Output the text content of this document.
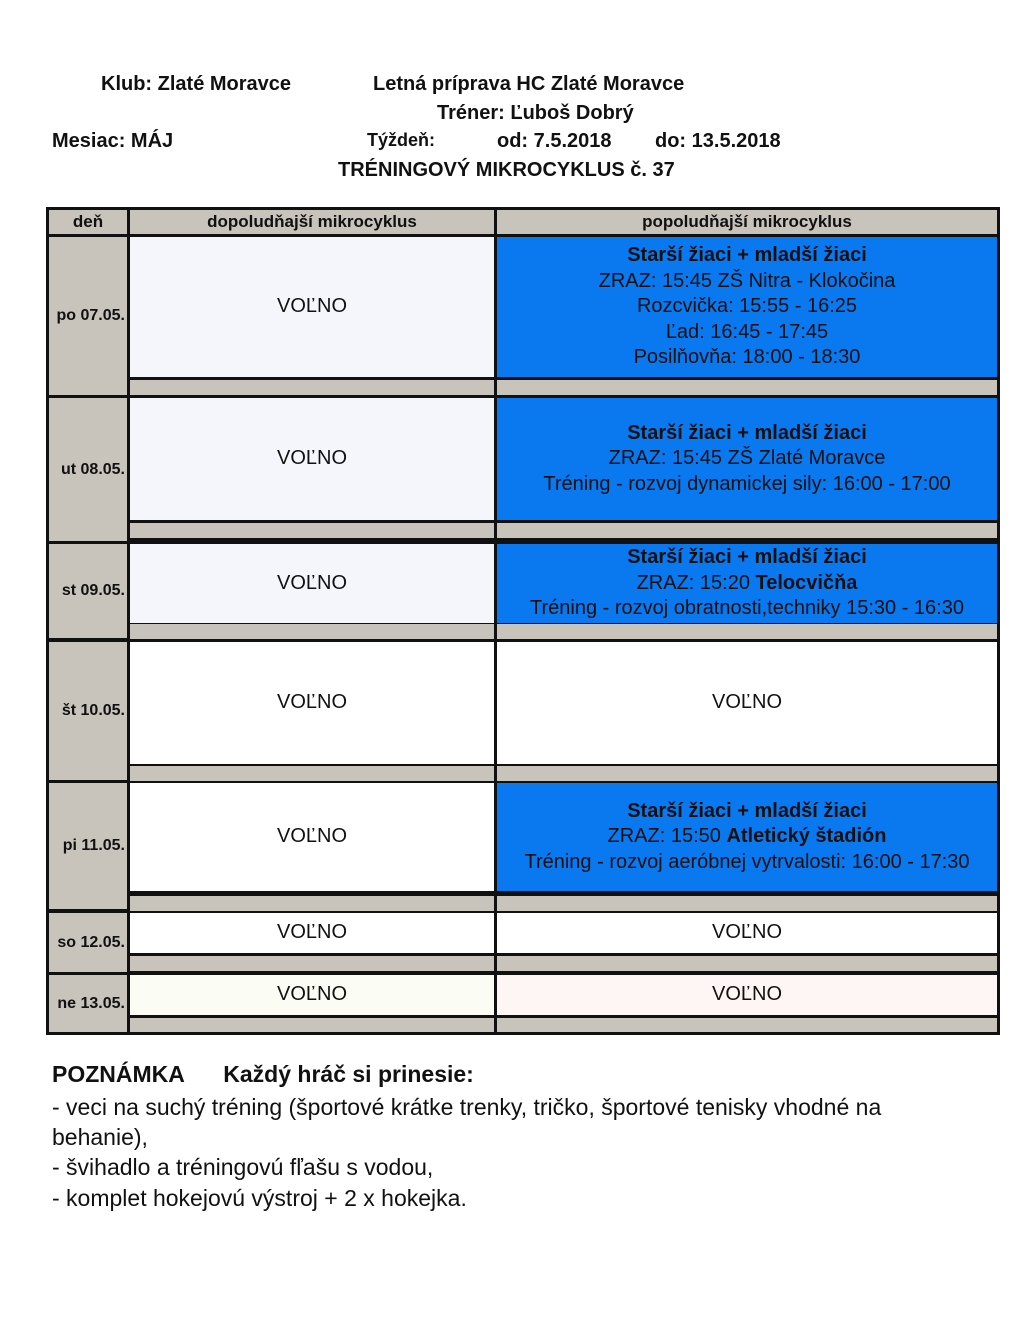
Klub: Zlaté Moravce	Letná príprava HC Zlaté Moravce
Tréner: Ľuboš Dobrý
Mesiac: MÁJ	Týždeň:	od: 7.5.2018 do: 13.5.2018
TRÉNINGOVÝ MIKROCYKLUS č. 37
deň	dopoludňajší mikrocyklus	popoludňajší mikrocyklus
po 07.05.	VOĽNO
Starší žiaci + mladší žiaci
ZRAZ: 15:45 ZŠ Nitra - Klokočina
Rozcvička: 15:55 - 16:25
Ľad: 16:45 - 17:45
Posilňovňa: 18:00 - 18:30
ut 08.05.	VOĽNO
Starší žiaci + mladší žiaci
ZRAZ: 15:45 ZŠ Zlaté Moravce
Tréning - rozvoj dynamickej sily: 16:00 - 17:00
st 09.05.	VOĽNO
Starší žiaci + mladší žiaci
ZRAZ: 15:20 Telocvičňa
Tréning - rozvoj obratnosti,techniky 15:30 - 16:30
št 10.05.	VOĽNO	VOĽNO
pi 11.05.	VOĽNO
Starší žiaci + mladší žiaci
ZRAZ: 15:50 Atletický štadión
Tréning - rozvoj aeróbnej vytrvalosti: 16:00 - 17:30
so 12.05.	VOĽNO	VOĽNO
ne 13.05.	VOĽNO	VOĽNO
POZNÁMKA Každý hráč si prinesie:
- veci na suchý tréning (športové krátke trenky, tričko, športové tenisky vhodné na
behanie),
- švihadlo a tréningovú fľašu s vodou,
- komplet hokejovú výstroj + 2 x hokejka.
